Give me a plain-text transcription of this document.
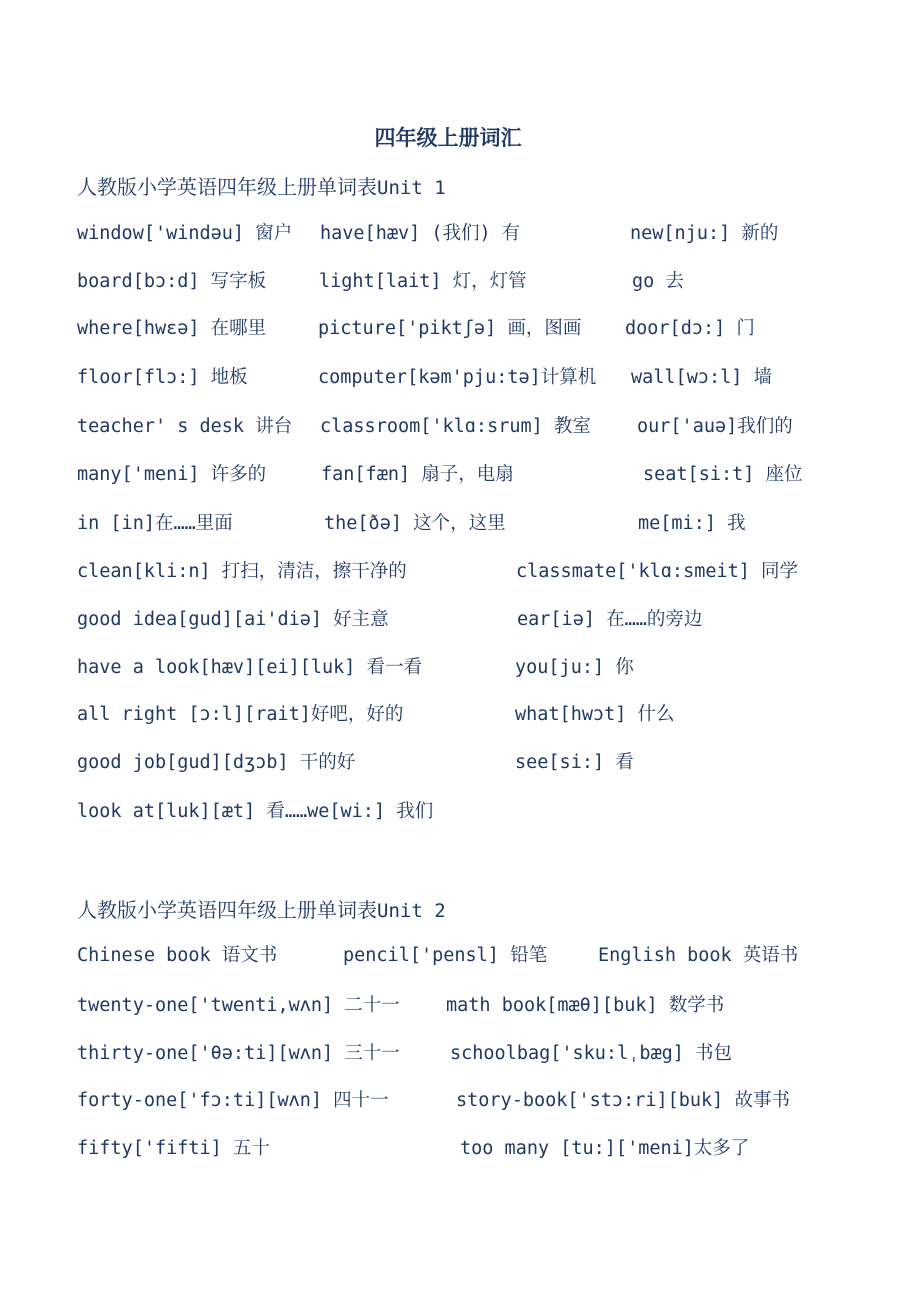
四年级上册词汇
人教版小学英语四年级上册单词表Unit 1
window['windəu] 窗户 have[hæv] (我们) 有	new[nju:] 新的
board[bɔ:d] 写字板	light[lait] 灯，灯管	go 去
where[hwεə] 在哪里	picture['piktʃə] 画，图画 door[dɔ:] 门
floor[flɔ:] 地板	computer[kəm'pju:tə]计算机 wall[wɔ:l] 墙
teacher' s desk 讲台 classroom['klɑ:srum] 教室 our['auə]我们的
many['meni] 许多的	fan[fæn] 扇子，电扇	seat[si:t] 座位
in [in]在……里面	the[ðə] 这个，这里	me[mi:] 我
clean[kli:n] 打扫，清洁，擦干净的	classmate['klɑ:smeit] 同学
good idea[gud][ai'diə] 好主意	ear[iə] 在……的旁边
have a look[hæv][ei][luk] 看一看	you[ju:] 你
all right [ɔ:l][rait]好吧，好的	what[hwɔt] 什么
good job[gud][dʒɔb] 干的好	see[si:] 看
look at[luk][æt] 看……we[wi:] 我们
人教版小学英语四年级上册单词表Unit 2
Chinese book 语文书	pencil['pensl] 铅笔	English book 英语书
twenty-one['twenti,wʌn] 二十一 math book[mæθ][buk] 数学书
thirty-one['θə:ti][wʌn] 三十一	schoolbag['sku:lˌbæg] 书包
forty-one['fɔ:ti][wʌn] 四十一	story-book['stɔ:ri][buk] 故事书
fifty['fifti] 五十	too many [tu:]['meni]太多了
